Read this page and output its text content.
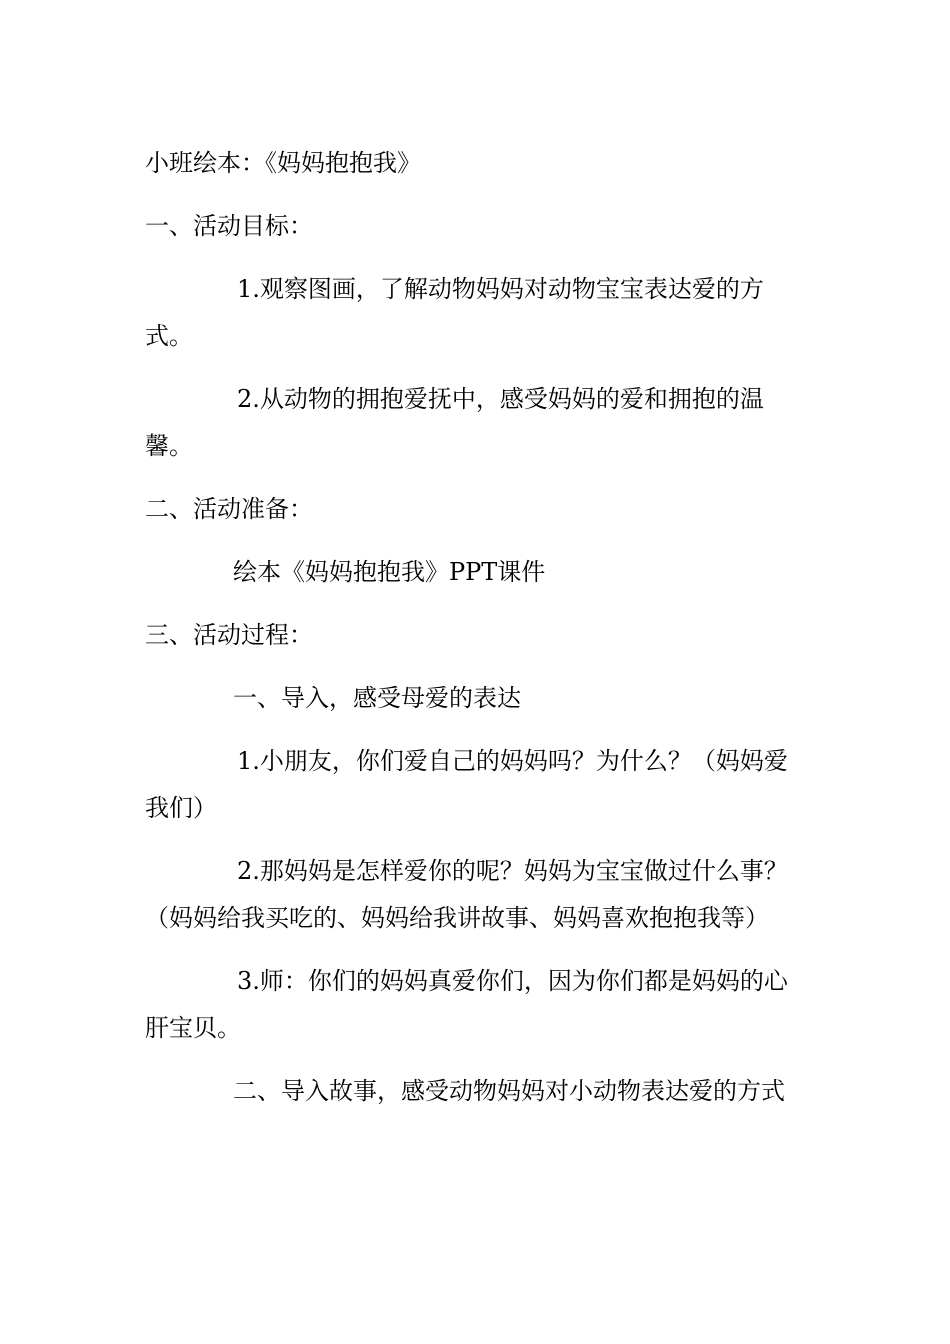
小班绘本：《妈妈抱抱我》

一、活动目标：

1.观察图画，了解动物妈妈对动物宝宝表达爱的方式。

2.从动物的拥抱爱抚中，感受妈妈的爱和拥抱的温馨。

二、活动准备：

绘本《妈妈抱抱我》PPT课件

三、活动过程：

一、导入，感受母爱的表达

1.小朋友，你们爱自己的妈妈吗？为什么？（妈妈爱我们）

2.那妈妈是怎样爱你的呢？妈妈为宝宝做过什么事？（妈妈给我买吃的、妈妈给我讲故事、妈妈喜欢抱抱我等）

3.师：你们的妈妈真爱你们，因为你们都是妈妈的心肝宝贝。

二、导入故事，感受动物妈妈对小动物表达爱的方式
